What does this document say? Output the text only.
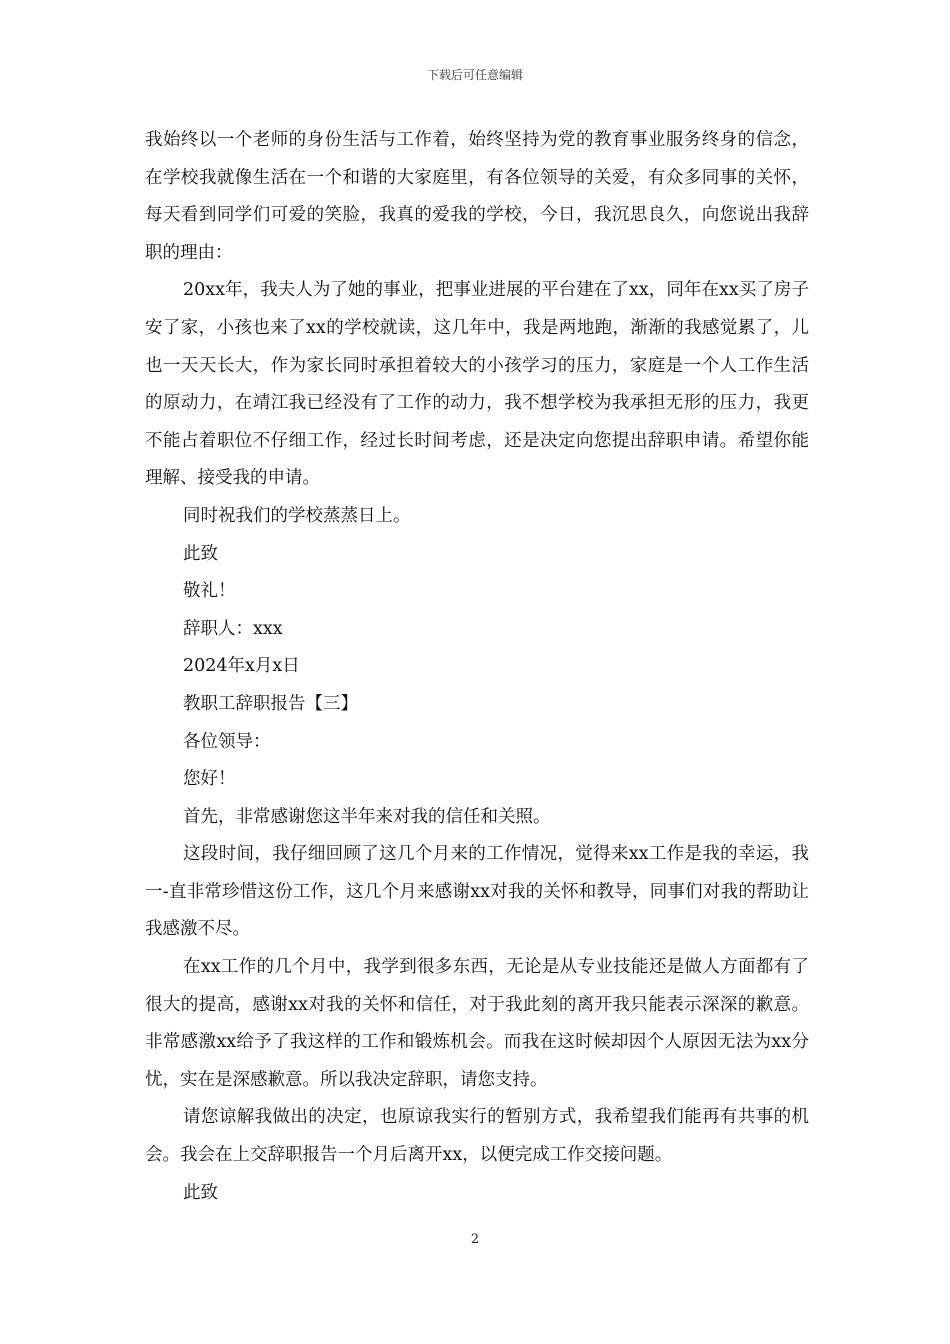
下载后可任意编辑

我始终以一个老师的身份生活与工作着，始终坚持为党的教育事业服务终身的信念，在学校我就像生活在一个和谐的大家庭里，有各位领导的关爱，有众多同事的关怀，每天看到同学们可爱的笑脸，我真的爱我的学校，今日，我沉思良久，向您说出我辞职的理由：

20xx年，我夫人为了她的事业，把事业进展的平台建在了xx，同年在xx买了房子安了家，小孩也来了xx的学校就读，这几年中，我是两地跑，渐渐的我感觉累了，儿也一天天长大，作为家长同时承担着较大的小孩学习的压力，家庭是一个人工作生活的原动力，在靖江我已经没有了工作的动力，我不想学校为我承担无形的压力，我更不能占着职位不仔细工作，经过长时间考虑，还是决定向您提出辞职申请。希望你能理解、接受我的申请。

同时祝我们的学校蒸蒸日上。

此致

敬礼！

辞职人：xxx

2024年x月x日

教职工辞职报告【三】

各位领导：

您好！

首先，非常感谢您这半年来对我的信任和关照。

这段时间，我仔细回顾了这几个月来的工作情况，觉得来xx工作是我的幸运，我一-直非常珍惜这份工作，这几个月来感谢xx对我的关怀和教导，同事们对我的帮助让我感激不尽。

在xx工作的几个月中，我学到很多东西，无论是从专业技能还是做人方面都有了很大的提高，感谢xx对我的关怀和信任，对于我此刻的离开我只能表示深深的歉意。非常感激xx给予了我这样的工作和锻炼机会。而我在这时候却因个人原因无法为xx分忧，实在是深感歉意。所以我决定辞职，请您支持。

请您谅解我做出的决定，也原谅我实行的暂别方式，我希望我们能再有共事的机会。我会在上交辞职报告一个月后离开xx，以便完成工作交接问题。

此致

2
